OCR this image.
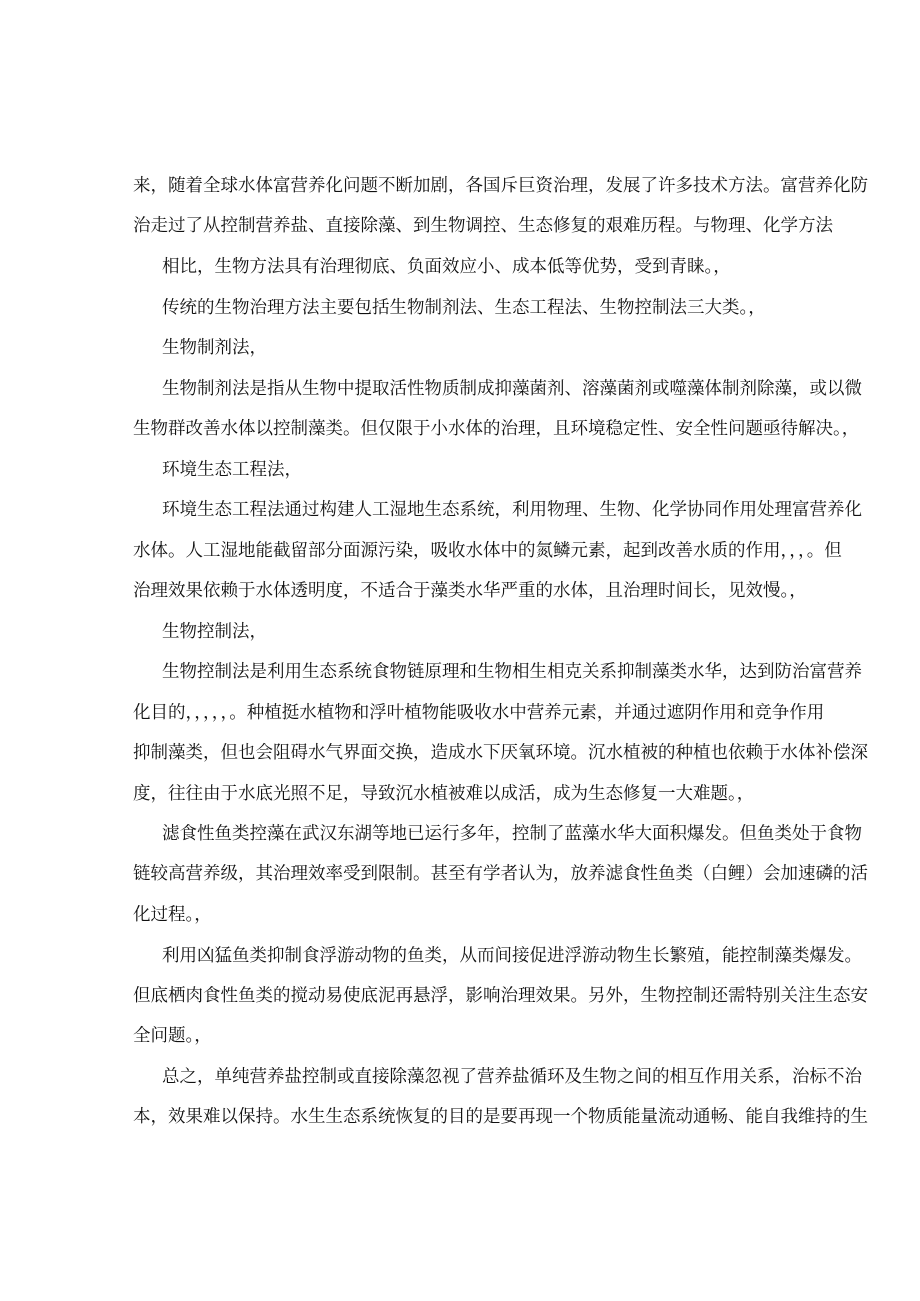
来，随着全球水体富营养化问题不断加剧，各国斥巨资治理，发展了许多技术方法。富营养化防
治走过了从控制营养盐、直接除藻、到生物调控、生态修复的艰难历程。与物理、化学方法
相比，生物方法具有治理彻底、负面效应小、成本低等优势，受到青睐。，
传统的生物治理方法主要包括生物制剂法、生态工程法、生物控制法三大类。，
生物制剂法，
生物制剂法是指从生物中提取活性物质制成抑藻菌剂、溶藻菌剂或噬藻体制剂除藻，或以微
生物群改善水体以控制藻类。但仅限于小水体的治理，且环境稳定性、安全性问题亟待解决。，
环境生态工程法，
环境生态工程法通过构建人工湿地生态系统，利用物理、生物、化学协同作用处理富营养化
水体。人工湿地能截留部分面源污染，吸收水体中的氮鳞元素，起到改善水质的作用，，，。但
治理效果依赖于水体透明度，不适合于藻类水华严重的水体，且治理时间长，见效慢。，
生物控制法，
生物控制法是利用生态系统食物链原理和生物相生相克关系抑制藻类水华，达到防治富营养
化目的，，，，，。种植挺水植物和浮叶植物能吸收水中营养元素，并通过遮阴作用和竞争作用
抑制藻类，但也会阻碍水气界面交换，造成水下厌氧环境。沉水植被的种植也依赖于水体补偿深
度，往往由于水底光照不足，导致沉水植被难以成活，成为生态修复一大难题。，
滤食性鱼类控藻在武汉东湖等地已运行多年，控制了蓝藻水华大面积爆发。但鱼类处于食物
链较高营养级，其治理效率受到限制。甚至有学者认为，放养滤食性鱼类（白鲤）会加速磷的活
化过程。，
利用凶猛鱼类抑制食浮游动物的鱼类，从而间接促进浮游动物生长繁殖，能控制藻类爆发。
但底栖肉食性鱼类的搅动易使底泥再悬浮，影响治理效果。另外，生物控制还需特别关注生态安
全问题。，
总之，单纯营养盐控制或直接除藻忽视了营养盐循环及生物之间的相互作用关系，治标不治
本，效果难以保持。水生生态系统恢复的目的是要再现一个物质能量流动通畅、能自我维持的生
